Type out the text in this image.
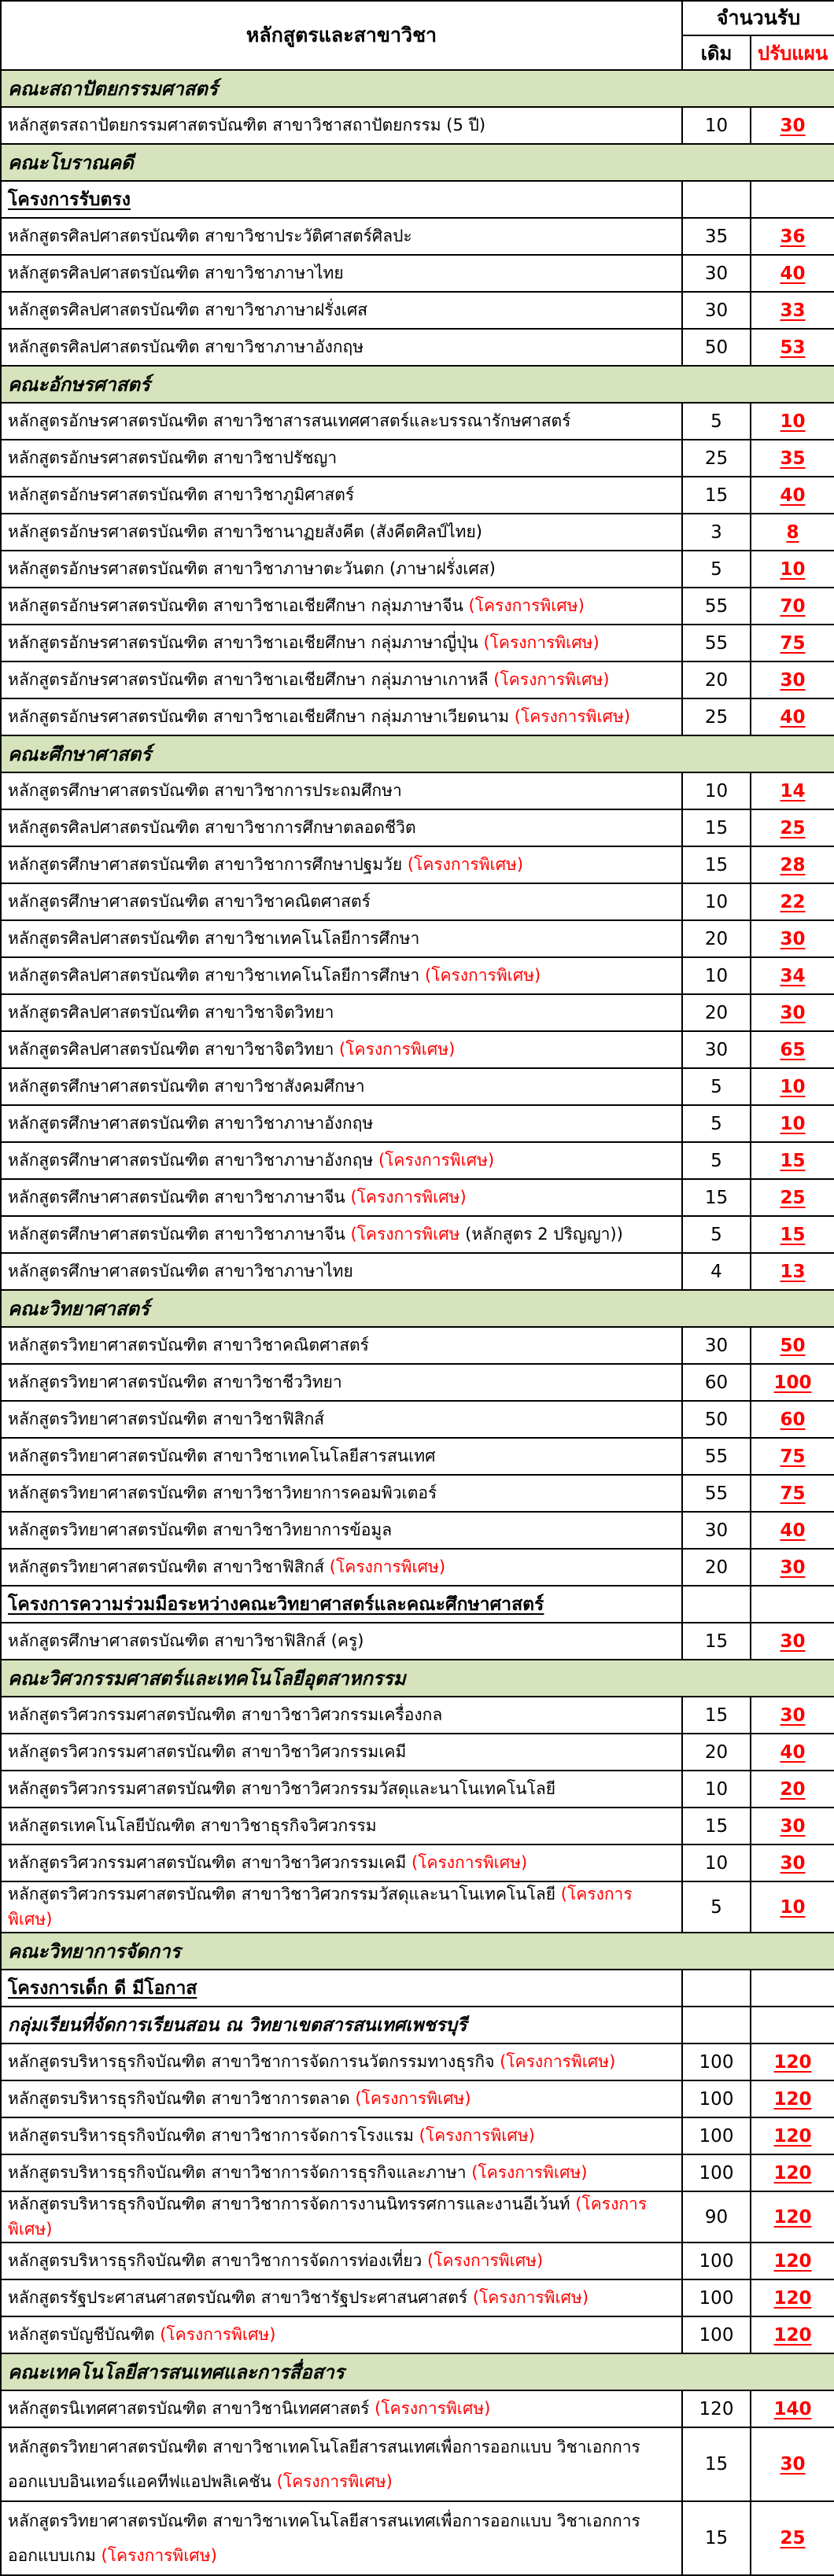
หลักสูตรและสาขาวิชา	จำนวนรับ	
	เดิม	ปรับแผน
คณะสถาปัตยกรรมศาสตร์		
หลักสูตรสถาปัตยกรรมศาสตรบัณฑิต สาขาวิชาสถาปัตยกรรม (5 ปี)	10	30
คณะโบราณคดี		
โครงการรับตรง		
หลักสูตรศิลปศาสตรบัณฑิต สาขาวิชาประวัติศาสตร์ศิลปะ	35	36
หลักสูตรศิลปศาสตรบัณฑิต สาขาวิชาภาษาไทย	30	40
หลักสูตรศิลปศาสตรบัณฑิต สาขาวิชาภาษาฝรั่งเศส	30	33
หลักสูตรศิลปศาสตรบัณฑิต สาขาวิชาภาษาอังกฤษ	50	53
คณะอักษรศาสตร์		
หลักสูตรอักษรศาสตรบัณฑิต สาขาวิชาสารสนเทศศาสตร์และบรรณารักษศาสตร์	5	10
หลักสูตรอักษรศาสตรบัณฑิต สาขาวิชาปรัชญา	25	35
หลักสูตรอักษรศาสตรบัณฑิต สาขาวิชาภูมิศาสตร์	15	40
หลักสูตรอักษรศาสตรบัณฑิต สาขาวิชานาฏยสังคีต (สังคีตศิลป์ไทย)	3	8
หลักสูตรอักษรศาสตรบัณฑิต สาขาวิชาภาษาตะวันตก (ภาษาฝรั่งเศส)	5	10
หลักสูตรอักษรศาสตรบัณฑิต สาขาวิชาเอเชียศึกษา กลุ่มภาษาจีน (โครงการพิเศษ)	55	70
หลักสูตรอักษรศาสตรบัณฑิต สาขาวิชาเอเชียศึกษา กลุ่มภาษาญี่ปุ่น (โครงการพิเศษ)	55	75
หลักสูตรอักษรศาสตรบัณฑิต สาขาวิชาเอเชียศึกษา กลุ่มภาษาเกาหลี (โครงการพิเศษ)	20	30
หลักสูตรอักษรศาสตรบัณฑิต สาขาวิชาเอเชียศึกษา กลุ่มภาษาเวียดนาม (โครงการพิเศษ)	25	40
คณะศึกษาศาสตร์		
หลักสูตรศึกษาศาสตรบัณฑิต สาขาวิชาการประถมศึกษา	10	14
หลักสูตรศิลปศาสตรบัณฑิต สาขาวิชาการศึกษาตลอดชีวิต	15	25
หลักสูตรศึกษาศาสตรบัณฑิต สาขาวิชาการศึกษาปฐมวัย (โครงการพิเศษ)	15	28
หลักสูตรศึกษาศาสตรบัณฑิต สาขาวิชาคณิตศาสตร์	10	22
หลักสูตรศิลปศาสตรบัณฑิต สาขาวิชาเทคโนโลยีการศึกษา	20	30
หลักสูตรศิลปศาสตรบัณฑิต สาขาวิชาเทคโนโลยีการศึกษา (โครงการพิเศษ)	10	34
หลักสูตรศิลปศาสตรบัณฑิต สาขาวิชาจิตวิทยา	20	30
หลักสูตรศิลปศาสตรบัณฑิต สาขาวิชาจิตวิทยา (โครงการพิเศษ)	30	65
หลักสูตรศึกษาศาสตรบัณฑิต สาขาวิชาสังคมศึกษา	5	10
หลักสูตรศึกษาศาสตรบัณฑิต สาขาวิชาภาษาอังกฤษ	5	10
หลักสูตรศึกษาศาสตรบัณฑิต สาขาวิชาภาษาอังกฤษ (โครงการพิเศษ)	5	15
หลักสูตรศึกษาศาสตรบัณฑิต สาขาวิชาภาษาจีน (โครงการพิเศษ)	15	25
หลักสูตรศึกษาศาสตรบัณฑิต สาขาวิชาภาษาจีน (โครงการพิเศษ (หลักสูตร 2 ปริญญา))	5	15
หลักสูตรศึกษาศาสตรบัณฑิต สาขาวิชาภาษาไทย	4	13
คณะวิทยาศาสตร์		
หลักสูตรวิทยาศาสตรบัณฑิต สาขาวิชาคณิตศาสตร์	30	50
หลักสูตรวิทยาศาสตรบัณฑิต สาขาวิชาชีววิทยา	60	100
หลักสูตรวิทยาศาสตรบัณฑิต สาขาวิชาฟิสิกส์	50	60
หลักสูตรวิทยาศาสตรบัณฑิต สาขาวิชาเทคโนโลยีสารสนเทศ	55	75
หลักสูตรวิทยาศาสตรบัณฑิต สาขาวิชาวิทยาการคอมพิวเตอร์	55	75
หลักสูตรวิทยาศาสตรบัณฑิต สาขาวิชาวิทยาการข้อมูล	30	40
หลักสูตรวิทยาศาสตรบัณฑิต สาขาวิชาฟิสิกส์ (โครงการพิเศษ)	20	30
โครงการความร่วมมือระหว่างคณะวิทยาศาสตร์และคณะศึกษาศาสตร์		
หลักสูตรศึกษาศาสตรบัณฑิต สาขาวิชาฟิสิกส์ (ครู)	15	30
คณะวิศวกรรมศาสตร์และเทคโนโลยีอุตสาหกรรม		
หลักสูตรวิศวกรรมศาสตรบัณฑิต สาขาวิชาวิศวกรรมเครื่องกล	15	30
หลักสูตรวิศวกรรมศาสตรบัณฑิต สาขาวิชาวิศวกรรมเคมี	20	40
หลักสูตรวิศวกรรมศาสตรบัณฑิต สาขาวิชาวิศวกรรมวัสดุและนาโนเทคโนโลยี	10	20
หลักสูตรเทคโนโลยีบัณฑิต สาขาวิชาธุรกิจวิศวกรรม	15	30
หลักสูตรวิศวกรรมศาสตรบัณฑิต สาขาวิชาวิศวกรรมเคมี (โครงการพิเศษ)	10	30
หลักสูตรวิศวกรรมศาสตรบัณฑิต สาขาวิชาวิศวกรรมวัสดุและนาโนเทคโนโลยี (โครงการพิเศษ)	5	10
คณะวิทยาการจัดการ		
โครงการเด็ก ดี มีโอกาส		
กลุ่มเรียนที่จัดการเรียนสอน ณ วิทยาเขตสารสนเทศเพชรบุรี		
หลักสูตรบริหารธุรกิจบัณฑิต สาขาวิชาการจัดการนวัตกรรมทางธุรกิจ (โครงการพิเศษ)	100	120
หลักสูตรบริหารธุรกิจบัณฑิต สาขาวิชาการตลาด (โครงการพิเศษ)	100	120
หลักสูตรบริหารธุรกิจบัณฑิต สาขาวิชาการจัดการโรงแรม (โครงการพิเศษ)	100	120
หลักสูตรบริหารธุรกิจบัณฑิต สาขาวิชาการจัดการธุรกิจและภาษา (โครงการพิเศษ)	100	120
หลักสูตรบริหารธุรกิจบัณฑิต สาขาวิชาการจัดการงานนิทรรศการและงานอีเว้นท์ (โครงการพิเศษ)	90	120
หลักสูตรบริหารธุรกิจบัณฑิต สาขาวิชาการจัดการท่องเที่ยว (โครงการพิเศษ)	100	120
หลักสูตรรัฐประศาสนศาสตรบัณฑิต สาขาวิชารัฐประศาสนศาสตร์ (โครงการพิเศษ)	100	120
หลักสูตรบัญชีบัณฑิต (โครงการพิเศษ)	100	120
คณะเทคโนโลยีสารสนเทศและการสื่อสาร		
หลักสูตรนิเทศศาสตรบัณฑิต สาขาวิชานิเทศศาสตร์ (โครงการพิเศษ)	120	140
หลักสูตรวิทยาศาสตรบัณฑิต สาขาวิชาเทคโนโลยีสารสนเทศเพื่อการออกแบบ วิชาเอกการออกแบบอินเทอร์แอคทีฟแอปพลิเคชัน (โครงการพิเศษ)	15	30
หลักสูตรวิทยาศาสตรบัณฑิต สาขาวิชาเทคโนโลยีสารสนเทศเพื่อการออกแบบ วิชาเอกการออกแบบเกม (โครงการพิเศษ)	15	25
